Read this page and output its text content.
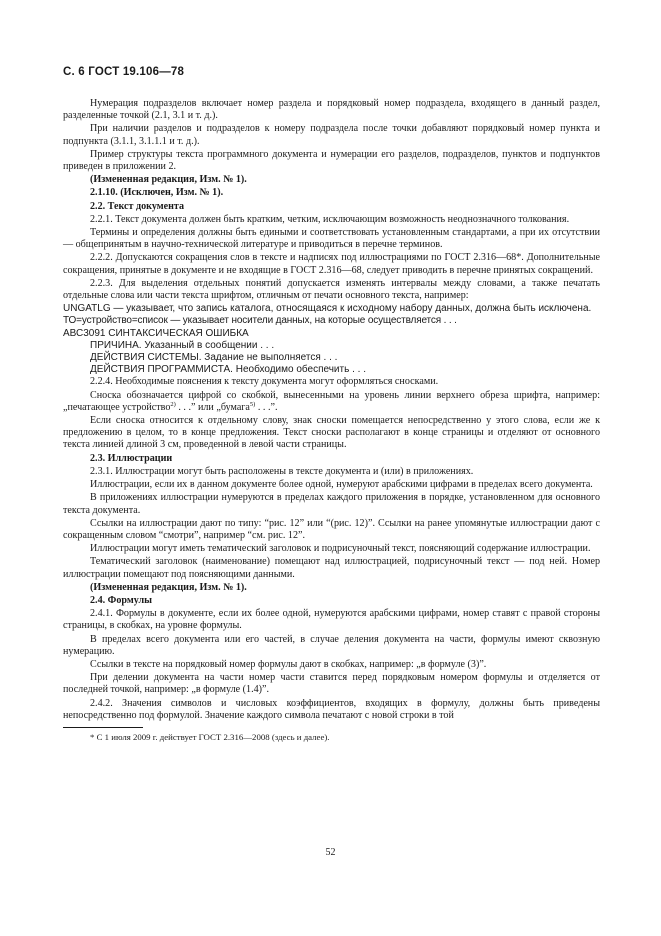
С. 6 ГОСТ 19.106—78

Нумерация подразделов включает номер раздела и порядковый номер подраздела, входящего в данный раздел, разделенные точкой (2.1, 3.1 и т. д.).

При наличии разделов и подразделов к номеру подраздела после точки добавляют порядковый номер пункта и подпункта (3.1.1, 3.1.1.1 и т. д.).

Пример структуры текста программного документа и нумерации его разделов, подразделов, пунктов и подпунктов приведен в приложении 2.

(Измененная редакция, Изм. № 1).

2.1.10. (Исключен, Изм. № 1).

2.2. Текст документа

2.2.1. Текст документа должен быть кратким, четким, исключающим возможность неоднозначного толкования.

Термины и определения должны быть едиными и соответствовать установленным стандартами, а при их отсутствии — общепринятым в научно-технической литературе и приводиться в перечне терминов.

2.2.2. Допускаются сокращения слов в тексте и надписях под иллюстрациями по ГОСТ 2.316—68*. Дополнительные сокращения, принятые в документе и не входящие в ГОСТ 2.316—68, следует приводить в перечне принятых сокращений.

2.2.3. Для выделения отдельных понятий допускается изменять интервалы между словами, а также печатать отдельные слова или части текста шрифтом, отличным от печати основного текста, например:

UNGATLG — указывает, что запись каталога, относящаяся к исходному набору данных, должна быть исключена.

ТО=устройство=список — указывает носители данных, на которые осуществляется . . .

АВС3091 СИНТАКСИЧЕСКАЯ ОШИБКА

ПРИЧИНА. Указанный в сообщении . . .

ДЕЙСТВИЯ СИСТЕМЫ. Задание не выполняется . . .

ДЕЙСТВИЯ ПРОГРАММИСТА. Необходимо обеспечить . . .

2.2.4. Необходимые пояснения к тексту документа могут оформляться сносками.

Сноска обозначается цифрой со скобкой, вынесенными на уровень линии верхнего обреза шрифта, например: „печатающее устройство$^{2)}$ . . .” или „бумага$^{5)}$ . . .”.

Если сноска относится к отдельному слову, знак сноски помещается непосредственно у этого слова, если же к предложению в целом, то в конце предложения. Текст сноски располагают в конце страницы и отделяют от основного текста линией длиной 3 см, проведенной в левой части страницы.

2.3. Иллюстрации

2.3.1. Иллюстрации могут быть расположены в тексте документа и (или) в приложениях.

Иллюстрации, если их в данном документе более одной, нумеруют арабскими цифрами в пределах всего документа.

В приложениях иллюстрации нумеруются в пределах каждого приложения в порядке, установленном для основного текста документа.

Ссылки на иллюстрации дают по типу: “рис. 12” или “(рис. 12)”. Ссылки на ранее упомянутые иллюстрации дают с сокращенным словом “смотри”, например “см. рис. 12”.

Иллюстрации могут иметь тематический заголовок и подрисуночный текст, поясняющий содержание иллюстрации.

Тематический заголовок (наименование) помещают над иллюстрацией, подрисуночный текст — под ней. Номер иллюстрации помещают под поясняющими данными.

(Измененная редакция, Изм. № 1).

2.4. Формулы

2.4.1. Формулы в документе, если их более одной, нумеруются арабскими цифрами, номер ставят с правой стороны страницы, в скобках, на уровне формулы.

В пределах всего документа или его частей, в случае деления документа на части, формулы имеют сквозную нумерацию.

Ссылки в тексте на порядковый номер формулы дают в скобках, например: „в формуле (3)”.

При делении документа на части номер части ставится перед порядковым номером формулы и отделяется от последней точкой, например: „в формуле (1.4)”.

2.4.2. Значения символов и числовых коэффициентов, входящих в формулу, должны быть приведены непосредственно под формулой. Значение каждого символа печатают с новой строки в той

* С 1 июля 2009 г. действует ГОСТ 2.316—2008 (здесь и далее).

52
